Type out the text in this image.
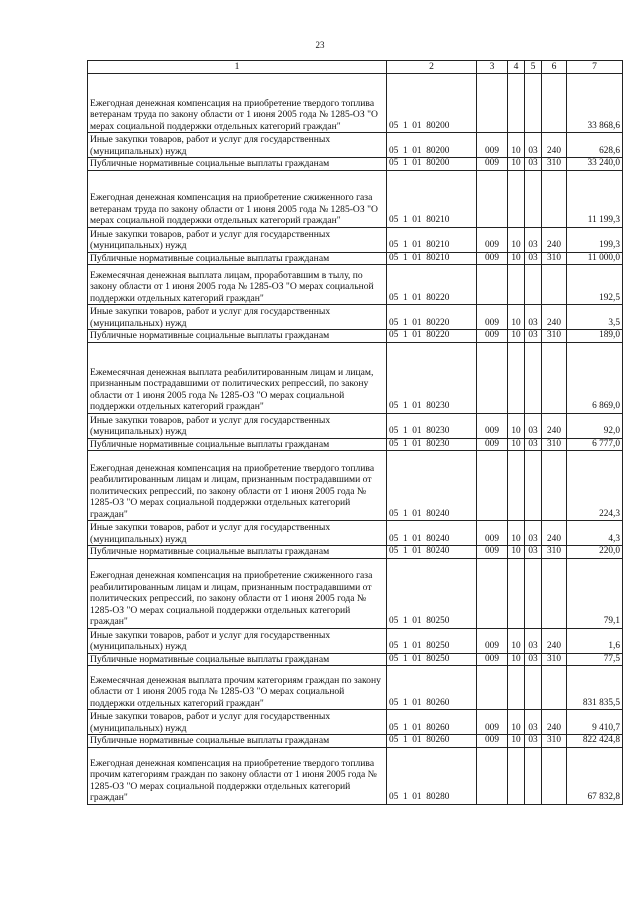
23
1	2	3	4	5	6	7
Ежегодная денежная компенсация на приобретение твердого топлива ветеранам труда по закону области от 1 июня 2005 года № 1285-ОЗ "О мерах социальной поддержки отдельных категорий граждан"	05  1  01  80200					33 868,6
Иные закупки товаров, работ и услуг для государственных (муниципальных) нужд	05  1  01  80200	009	10	03	240	628,6
Публичные нормативные социальные выплаты гражданам	05  1  01  80200	009	10	03	310	33 240,0
Ежегодная денежная компенсация на приобретение сжиженного газа ветеранам труда по закону области от 1 июня 2005 года № 1285-ОЗ "О мерах социальной поддержки отдельных категорий граждан"	05  1  01  80210					11 199,3
Иные закупки товаров, работ и услуг для государственных (муниципальных) нужд	05  1  01  80210	009	10	03	240	199,3
Публичные нормативные социальные выплаты гражданам	05  1  01  80210	009	10	03	310	11 000,0
Ежемесячная денежная выплата лицам, проработавшим в тылу, по закону области от 1 июня 2005 года № 1285-ОЗ "О мерах социальной поддержки отдельных категорий граждан"	05  1  01  80220					192,5
Иные закупки товаров, работ и услуг для государственных (муниципальных) нужд	05  1  01  80220	009	10	03	240	3,5
Публичные нормативные социальные выплаты гражданам	05  1  01  80220	009	10	03	310	189,0
Ежемесячная денежная выплата реабилитированным лицам и лицам, признанным пострадавшими от политических репрессий, по закону области от 1 июня 2005 года № 1285-ОЗ "О мерах социальной поддержки отдельных категорий граждан"	05  1  01  80230					6 869,0
Иные закупки товаров, работ и услуг для государственных (муниципальных) нужд	05  1  01  80230	009	10	03	240	92,0
Публичные нормативные социальные выплаты гражданам	05  1  01  80230	009	10	03	310	6 777,0
Ежегодная денежная компенсация на приобретение твердого топлива реабилитированным лицам и лицам, признанным пострадавшими от политических репрессий, по закону области от 1 июня 2005 года № 1285-ОЗ "О мерах социальной поддержки отдельных категорий граждан"	05  1  01  80240					224,3
Иные закупки товаров, работ и услуг для государственных (муниципальных) нужд	05  1  01  80240	009	10	03	240	4,3
Публичные нормативные социальные выплаты гражданам	05  1  01  80240	009	10	03	310	220,0
Ежегодная денежная компенсация на приобретение сжиженного газа реабилитированным лицам и лицам, признанным пострадавшими от политических репрессий, по закону области от 1 июня 2005 года № 1285-ОЗ "О мерах социальной поддержки отдельных категорий граждан"	05  1  01  80250					79,1
Иные закупки товаров, работ и услуг для государственных (муниципальных) нужд	05  1  01  80250	009	10	03	240	1,6
Публичные нормативные социальные выплаты гражданам	05  1  01  80250	009	10	03	310	77,5
Ежемесячная денежная выплата прочим категориям граждан по закону области от 1 июня 2005 года № 1285-ОЗ "О мерах социальной поддержки отдельных категорий граждан"	05  1  01  80260					831 835,5
Иные закупки товаров, работ и услуг для государственных (муниципальных) нужд	05  1  01  80260	009	10	03	240	9 410,7
Публичные нормативные социальные выплаты гражданам	05  1  01  80260	009	10	03	310	822 424,8
Ежегодная денежная компенсация на приобретение твердого топлива прочим категориям граждан по закону области от 1 июня 2005 года № 1285-ОЗ "О мерах социальной поддержки отдельных категорий граждан"	05  1  01  80280					67 832,8
